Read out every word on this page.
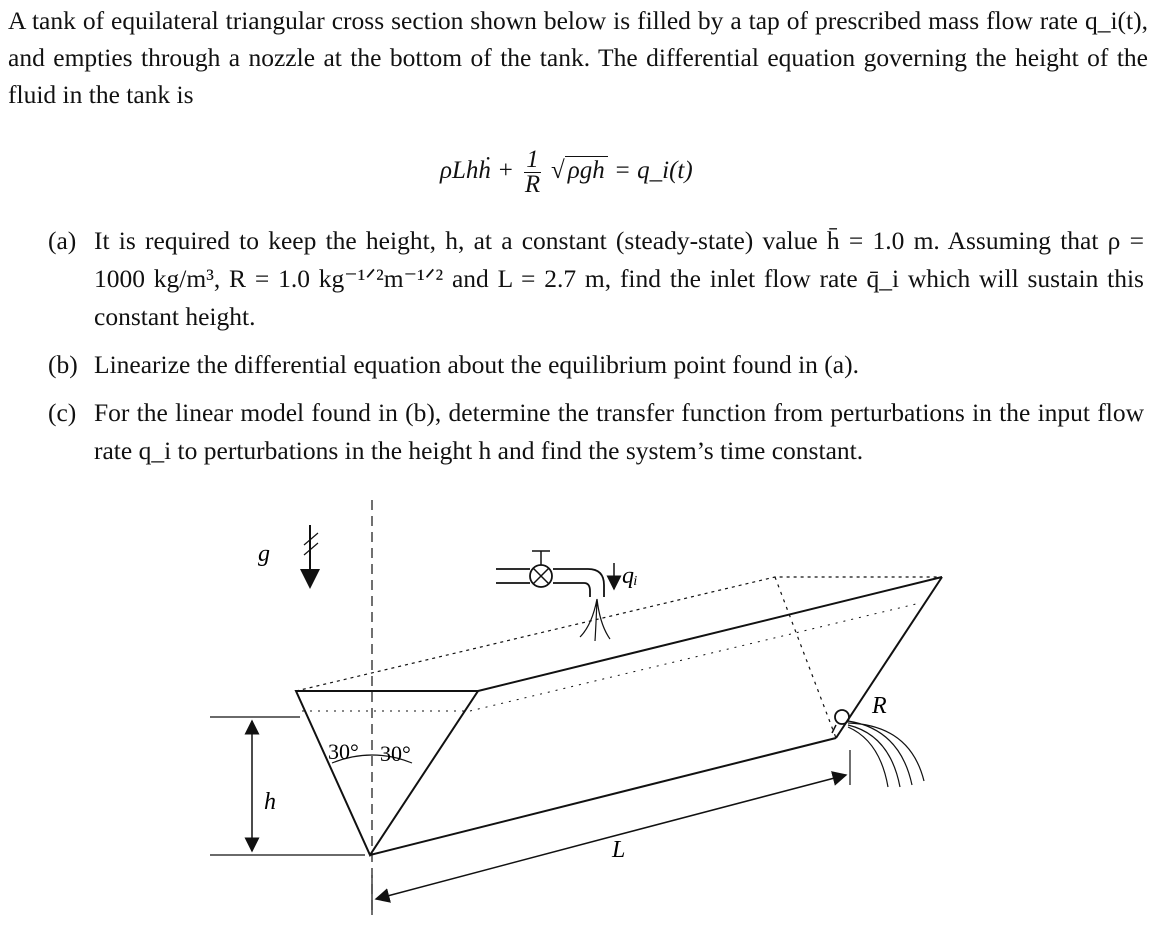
A tank of equilateral triangular cross section shown below is filled by a tap of prescribed mass flow rate q_i(t), and empties through a nozzle at the bottom of the tank. The differential equation governing the height of the fluid in the tank is
ρLhḣ + $\frac{1}{R}$ √ ρgh = q_i(t)
(a) It is required to keep the height, h, at a constant (steady-state) value h̄ = 1.0 m. Assuming that ρ = 1000 kg/m³, R = 1.0 kg⁻¹ᐟ²m⁻¹ᐟ² and L = 2.7 m, find the inlet flow rate q̄_i which will sustain this constant height.
(b) Linearize the differential equation about the equilibrium point found in (a).
(c) For the linear model found in (b), determine the transfer function from perturbations in the input flow rate q_i to perturbations in the height h and find the system’s time constant.
g
qᵢ
R
h
L
30° 30°
